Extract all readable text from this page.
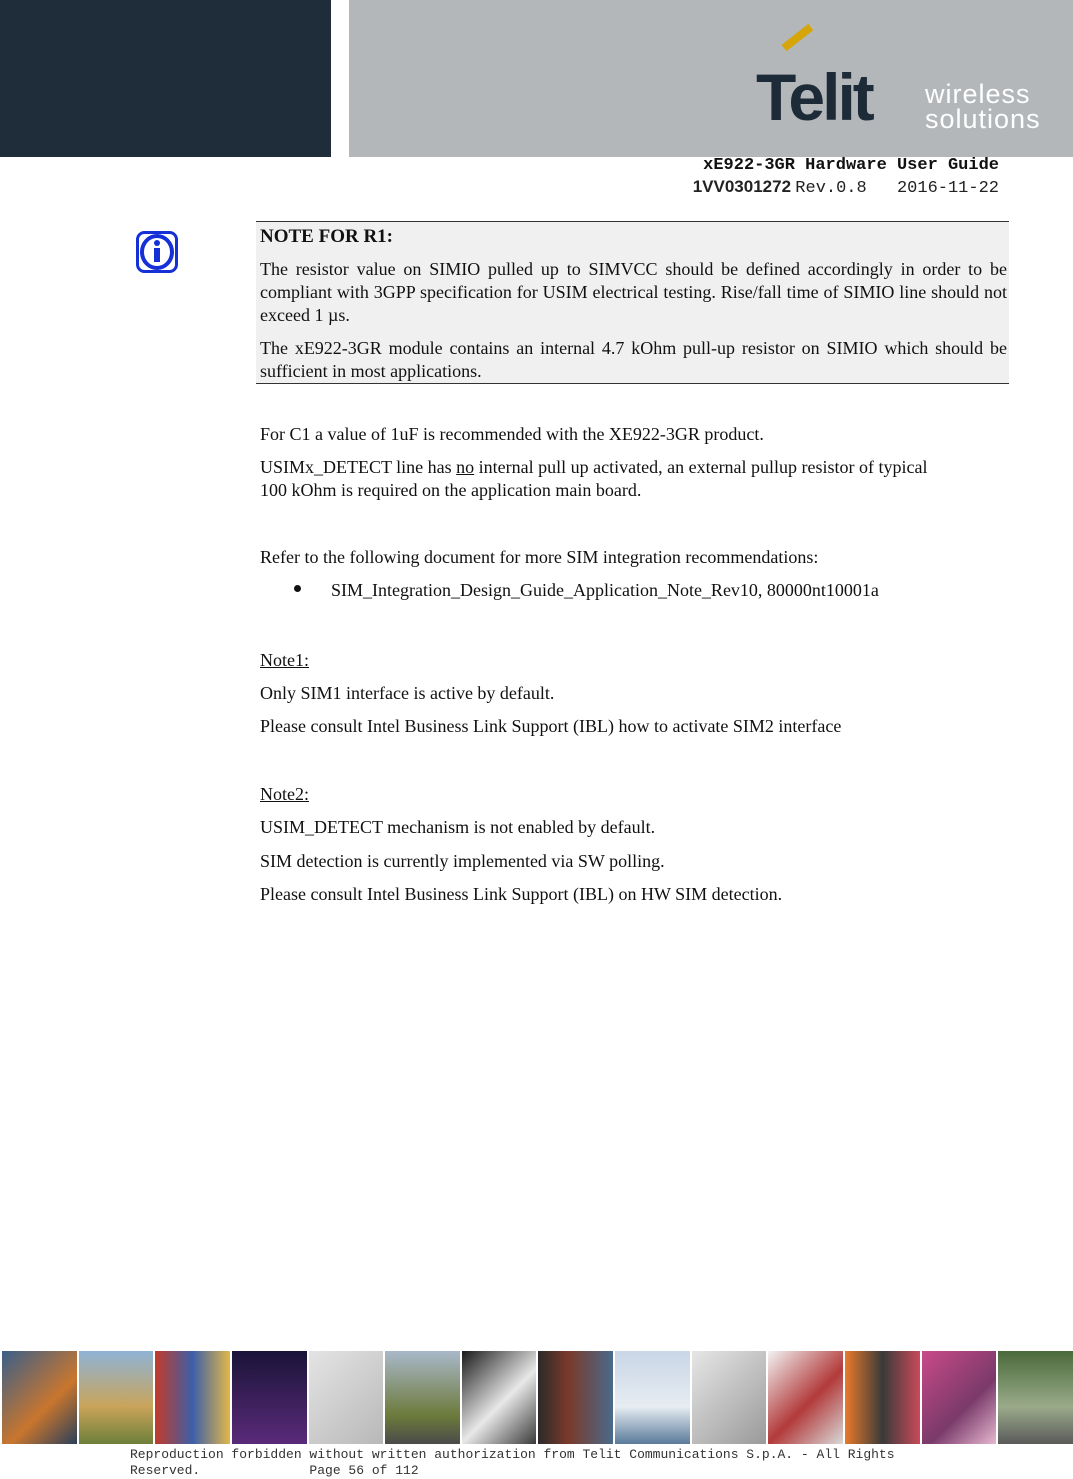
Telit wireless
solutions
xE922-3GR Hardware User Guide
1VV0301272 Rev.0.8 2016-11-22
NOTE FOR R1:
The resistor value on SIMIO pulled up to SIMVCC should be defined accordingly in order to be compliant with 3GPP specification for USIM electrical testing. Rise/fall time of SIMIO line should not exceed 1 µs.
The xE922-3GR module contains an internal 4.7 kOhm pull-up resistor on SIMIO which should be sufficient in most applications.
For C1 a value of 1uF is recommended with the XE922-3GR product.
USIMx_DETECT line has no internal pull up activated, an external pullup resistor of typical
100 kOhm is required on the application main board.
Refer to the following document for more SIM integration recommendations:
SIM_Integration_Design_Guide_Application_Note_Rev10, 80000nt10001a
Note1:
Only SIM1 interface is active by default.
Please consult Intel Business Link Support (IBL) how to activate SIM2 interface
Note2:
USIM_DETECT mechanism is not enabled by default.
SIM detection is currently implemented via SW polling.
Please consult Intel Business Link Support (IBL) on HW SIM detection.
Reproduction forbidden without written authorization from Telit Communications S.p.A. - All Rights
Reserved.              Page 56 of 112
